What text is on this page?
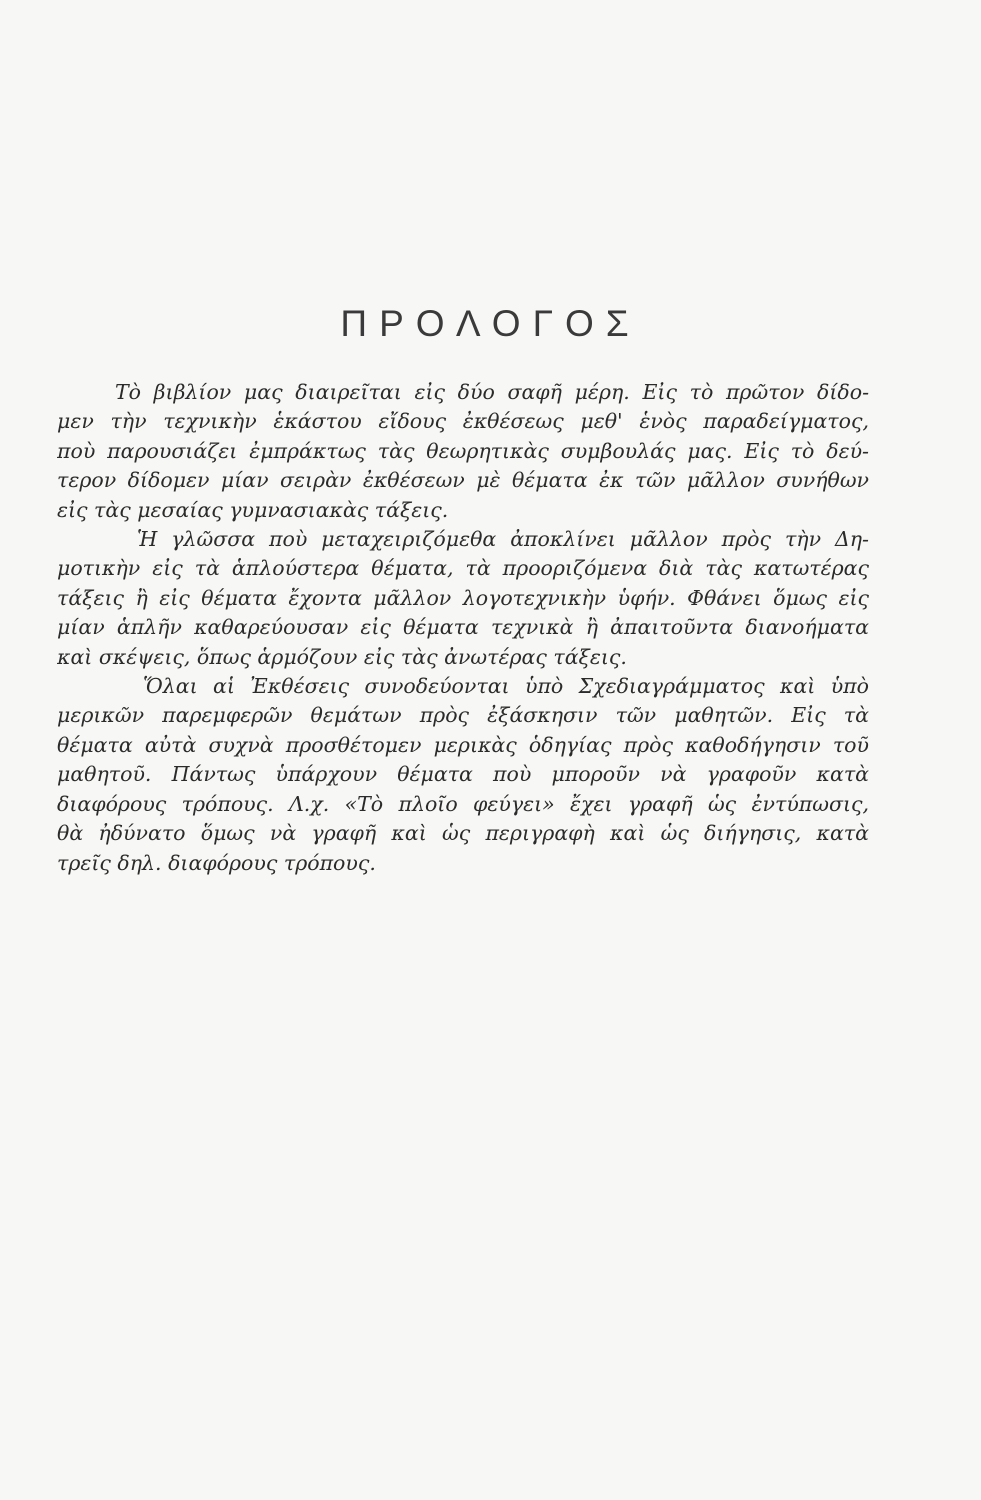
ΠΡΟΛΟΓΟΣ

Τὸ βιβλίον μας διαιρεῖται εἰς δύο σαφῆ μέρη. Εἰς τὸ πρῶτον δίδο-
μεν τὴν τεχνικὴν ἑκάστου εἴδους ἐκθέσεως μεθ' ἑνὸς παραδείγματος,
ποὺ παρουσιάζει ἐμπράκτως τὰς θεωρητικὰς συμβουλάς μας. Εἰς τὸ δεύ-
τερον δίδομεν μίαν σειρὰν ἐκθέσεων μὲ θέματα ἐκ τῶν μᾶλλον συνήθων
εἰς τὰς μεσαίας γυμνασιακὰς τάξεις.

Ἡ γλῶσσα ποὺ μεταχειριζόμεθα ἀποκλίνει μᾶλλον πρὸς τὴν Δη-
μοτικὴν εἰς τὰ ἁπλούστερα θέματα, τὰ προοριζόμενα διὰ τὰς κατωτέρας
τάξεις ἢ εἰς θέματα ἔχοντα μᾶλλον λογοτεχνικὴν ὑφήν. Φθάνει ὅμως εἰς
μίαν ἁπλῆν καθαρεύουσαν εἰς θέματα τεχνικὰ ἢ ἀπαιτοῦντα διανοήματα
καὶ σκέψεις, ὅπως ἁρμόζουν εἰς τὰς ἀνωτέρας τάξεις.

Ὅλαι αἱ Ἐκθέσεις συνοδεύονται ὑπὸ Σχεδιαγράμματος καὶ ὑπὸ
μερικῶν παρεμφερῶν θεμάτων πρὸς ἐξάσκησιν τῶν μαθητῶν. Εἰς τὰ
θέματα αὐτὰ συχνὰ προσθέτομεν μερικὰς ὁδηγίας πρὸς καθοδήγησιν τοῦ
μαθητοῦ. Πάντως ὑπάρχουν θέματα ποὺ μποροῦν νὰ γραφοῦν κατὰ
διαφόρους τρόπους. Λ.χ. «Τὸ πλοῖο φεύγει» ἔχει γραφῆ ὡς ἐντύπωσις,
θὰ ἠδύνατο ὅμως νὰ γραφῆ καὶ ὡς περιγραφὴ καὶ ὡς διήγησις, κατὰ
τρεῖς δηλ. διαφόρους τρόπους.
